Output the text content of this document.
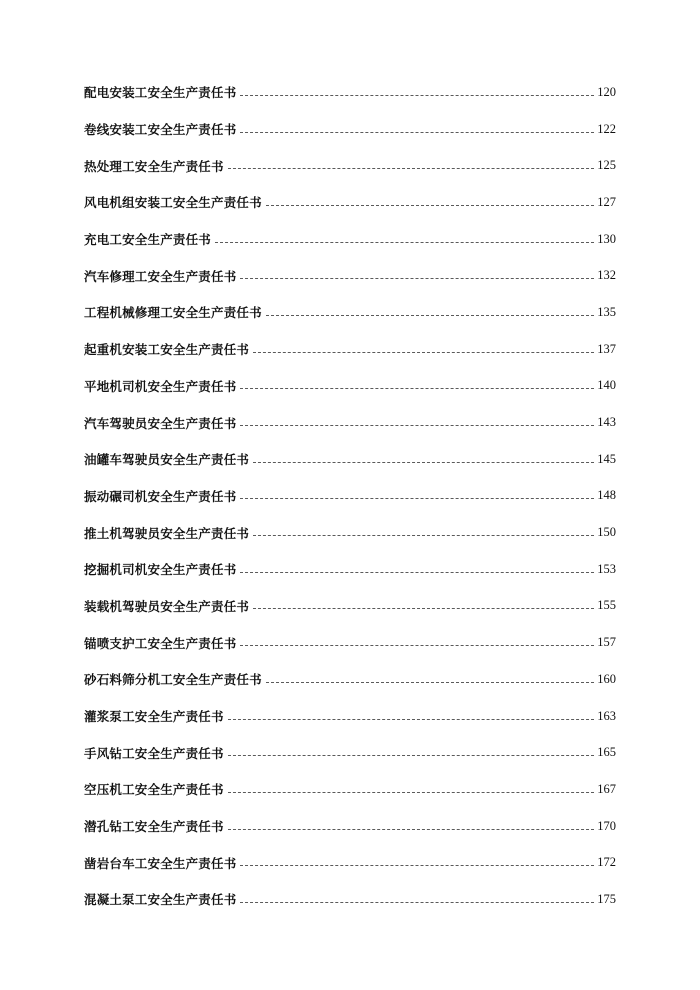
配电安装工安全生产责任书	120
卷线安装工安全生产责任书	122
热处理工安全生产责任书	125
风电机组安装工安全生产责任书	127
充电工安全生产责任书	130
汽车修理工安全生产责任书	132
工程机械修理工安全生产责任书	135
起重机安装工安全生产责任书	137
平地机司机安全生产责任书	140
汽车驾驶员安全生产责任书	143
油罐车驾驶员安全生产责任书	145
振动碾司机安全生产责任书	148
推土机驾驶员安全生产责任书	150
挖掘机司机安全生产责任书	153
装载机驾驶员安全生产责任书	155
锚喷支护工安全生产责任书	157
砂石料筛分机工安全生产责任书	160
灌浆泵工安全生产责任书	163
手风钻工安全生产责任书	165
空压机工安全生产责任书	167
潜孔钻工安全生产责任书	170
凿岩台车工安全生产责任书	172
混凝土泵工安全生产责任书	175
